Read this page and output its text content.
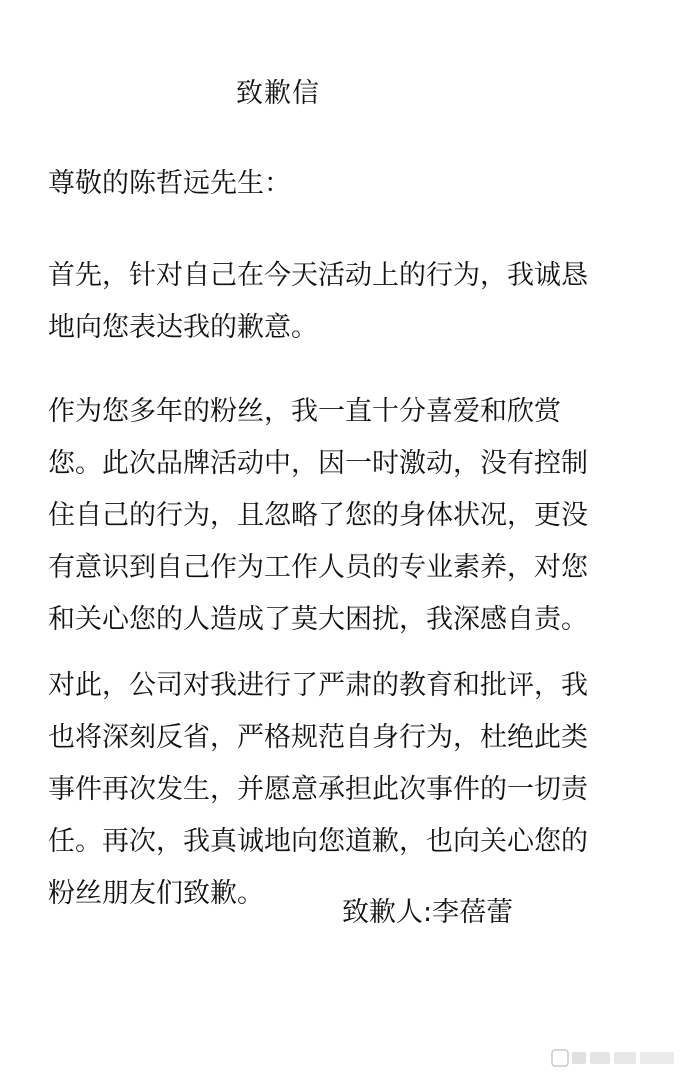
致歉信
尊敬的陈哲远先生：
首先，针对自己在今天活动上的行为，我诚恳
地向您表达我的歉意。
作为您多年的粉丝，我一直十分喜爱和欣赏
您。此次品牌活动中，因一时激动，没有控制
住自己的行为，且忽略了您的身体状况，更没
有意识到自己作为工作人员的专业素养，对您
和关心您的人造成了莫大困扰，我深感自责。
对此，公司对我进行了严肃的教育和批评，我
也将深刻反省，严格规范自身行为，杜绝此类
事件再次发生，并愿意承担此次事件的一切责
任。再次，我真诚地向您道歉，也向关心您的
粉丝朋友们致歉。
致歉人:李蓓蕾
